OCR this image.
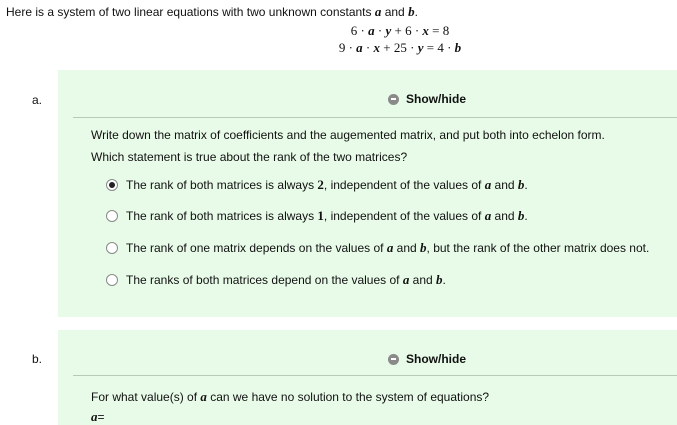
Here is a system of two linear equations with two unknown constants a and b.
6 · a · y + 6 · x = 8
9 · a · x + 25 · y = 4 · b
a.	Show/hide
Write down the matrix of coefficients and the augemented matrix, and put both into echelon form.
Which statement is true about the rank of the two matrices?
The rank of both matrices is always 2, independent of the values of a and b.
The rank of both matrices is always 1, independent of the values of a and b.
The rank of one matrix depends on the values of a and b, but the rank of the other matrix does not.
The ranks of both matrices depend on the values of a and b.
b.	Show/hide
For what value(s) of a can we have no solution to the system of equations?
a =
